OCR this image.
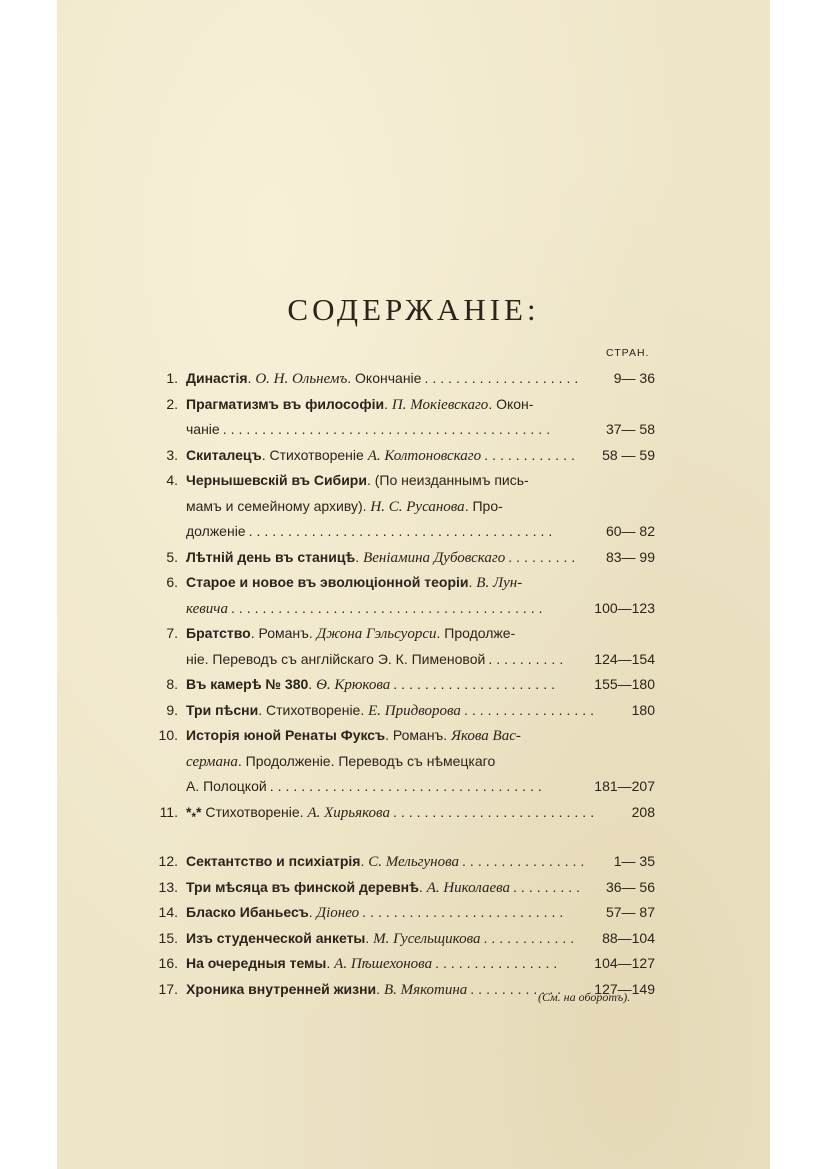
СОДЕРЖАНІЕ:
СТРАН.
1. Династія. О. Н. Ольнемъ. Окончаніе .................... 9— 36
2. Прагматизмъ въ философіи. П. Мокіевскаго. Окон-
чаніе ..........................................	37— 58
3. Скиталецъ. Стихотвореніе А. Колтоновскаго ............ 58 — 59
4. Чернышевскій въ Сибири. (По неизданнымъ пись-
мамъ и семейному архиву). Н. С. Русанова. Про-
долженіе .......................................	60— 82
5. Лѣтній день въ станицѣ. Веніамина Дубовскаго ......... 83— 99
6. Старое и новое въ эволюціонной теоріи. В. Лун-
кевича ........................................	100—123
7. Братство. Романъ. Джона Гэльсуорси. Продолже-
ніе. Переводъ съ англійскаго Э. К. Пименовой .......... 124—154
8. Въ камерѣ № 380. Ѳ. Крюкова .....................	155—180
9. Три пѣсни. Стихотвореніе. Е. Придворова ................. 180
10. Исторія юной Ренаты Фуксъ. Романъ. Якова Вас-
сермана. Продолженіе. Переводъ съ нѣмецкаго
А. Полоцкой ...................................	181—207
11. $*_**$ Стихотвореніе. А. Хирьякова .......................... 208
12. Сектантство и психіатрія. С. Мельгунова ................ 1— 35
13. Три мѣсяца въ финской деревнѣ. А. Николаева ......... 36— 56
14. Бласко Ибаньесъ. Діонео ..........................	57— 87
15. Изъ студенческой анкеты. М. Гусельщикова ............ 88—104
16. На очередныя темы. А. Пѣшехонова ................ 104—127
17. Хроника внутренней жизни. В. Мякотина ............ 127—149
(См. на оборотъ).
